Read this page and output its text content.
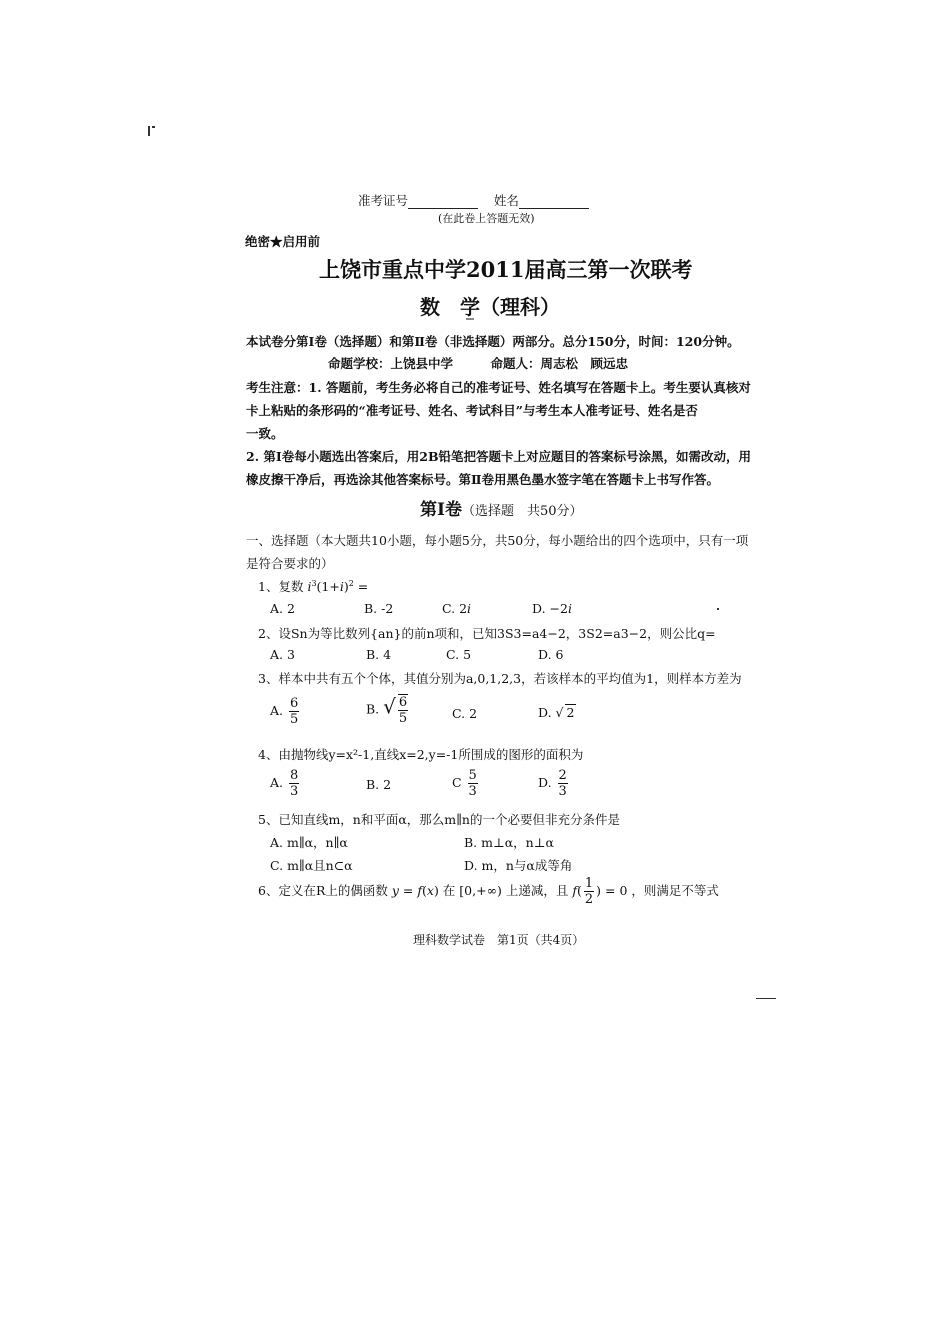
准考证号	姓名
(在此卷上答题无效)
绝密★启用前
上饶市重点中学2011届高三第一次联考
数　学（理科）
本试卷分第Ⅰ卷（选择题）和第Ⅱ卷（非选择题）两部分。总分150分，时间：120分钟。
命题学校：上饶县中学　　　命题人：周志松　顾远忠
考生注意：1. 答题前，考生务必将自己的准考证号、姓名填写在答题卡上。考生要认真核对
卡上粘贴的条形码的“准考证号、姓名、考试科目”与考生本人准考证号、姓名是否
一致。
2. 第Ⅰ卷每小题选出答案后，用2B铅笔把答题卡上对应题目的答案标号涂黑，如需改动，用
橡皮擦干净后，再选涂其他答案标号。第Ⅱ卷用黑色墨水签字笔在答题卡上书写作答。
第Ⅰ卷（选择题　共50分）
一、选择题（本大题共10小题，每小题5分，共50分，每小题给出的四个选项中，只有一项
是符合要求的）
1、复数 $i^3(1+i)^2$ =
A. 2	B. -2	C. 2i	D. −2i
2、设Sn为等比数列{an}的前n项和，已知3S3=a4−2，3S2=a3−2，则公比q=
A. 3	B. 4	C. 5	D. 6
3、样本中共有五个个体，其值分别为a,0,1,2,3，若该样本的平均值为1，则样本方差为
A. $\frac{6}{5}$	B. √ $\frac{6}{5}$	C. 2	D. √ 2
4、由抛物线y=x²-1,直线x=2,y=-1所围成的图形的面积为
A. $\frac{8}{3}$	B. 2	C $\frac{5}{3}$	D. $\frac{2}{3}$
5、已知直线m，n和平面α，那么m∥n的一个必要但非充分条件是
A. m∥α，n∥α	B. m⊥α，n⊥α
C. m∥α且n⊂α	D. m，n与α成等角
6、定义在R上的偶函数 y = f(x) 在 [0,+∞) 上递减，且 $f( \frac{1}{2}$ ) = 0 ，则满足不等式
理科数学试卷　第1页（共4页）
